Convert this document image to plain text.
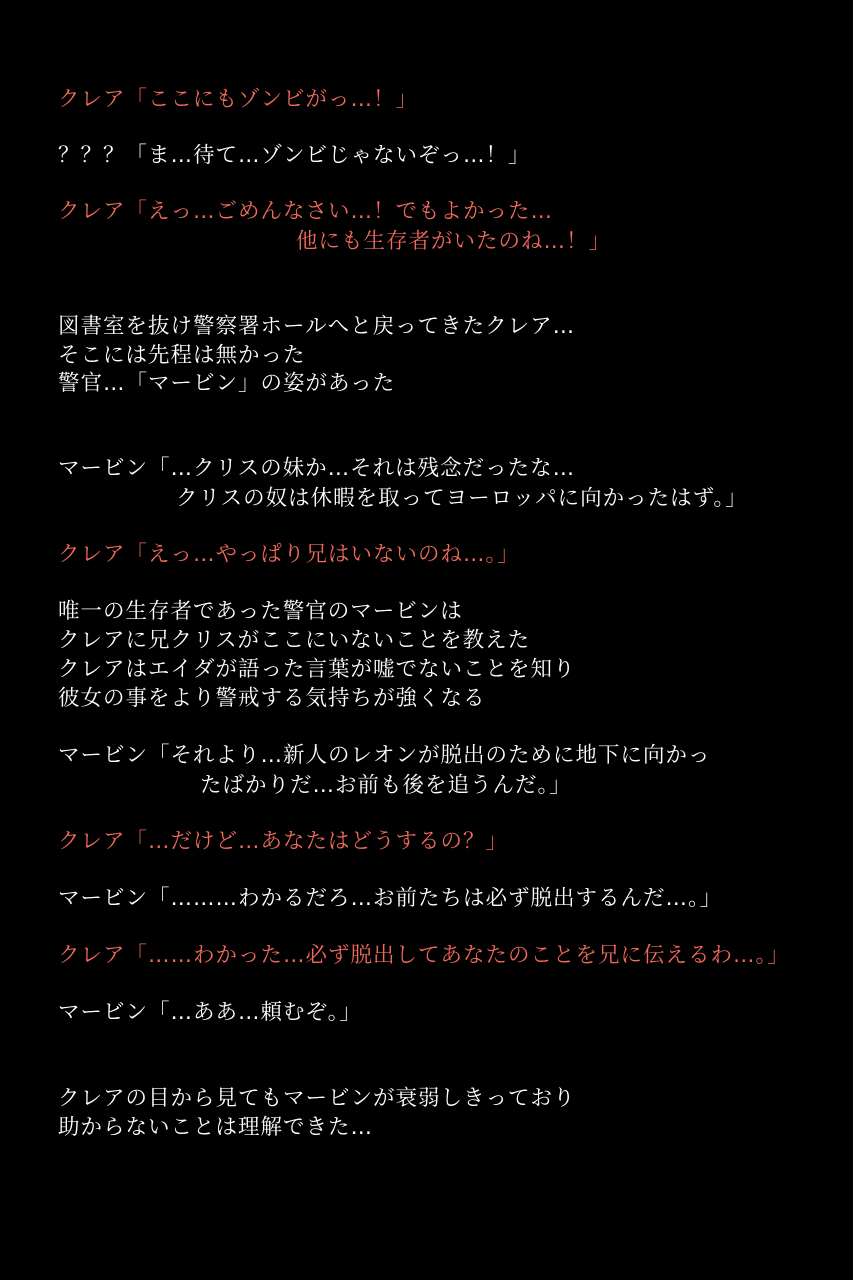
クレア「ここにもゾンビがっ…！」

？？？「ま…待て…ゾンビじゃないぞっ…！」

クレア「えっ…ごめんなさい…！でもよかった…

他にも生存者がいたのね…！」

図書室を抜け警察署ホールへと戻ってきたクレア…

そこには先程は無かった

警官…「マービン」の姿があった

マービン「…クリスの妹か…それは残念だったな…

クリスの奴は休暇を取ってヨーロッパに向かったはず。」

クレア「えっ…やっぱり兄はいないのね…。」

唯一の生存者であった警官のマービンは

クレアに兄クリスがここにいないことを教えた

クレアはエイダが語った言葉が嘘でないことを知り

彼女の事をより警戒する気持ちが強くなる

マービン「それより…新人のレオンが脱出のために地下に向かっ

たばかりだ…お前も後を追うんだ。」

クレア「…だけど…あなたはどうするの？」

マービン「………わかるだろ…お前たちは必ず脱出するんだ…。」

クレア「……わかった…必ず脱出してあなたのことを兄に伝えるわ…。」

マービン「…ああ…頼むぞ。」

クレアの目から見てもマービンが衰弱しきっており

助からないことは理解できた…
